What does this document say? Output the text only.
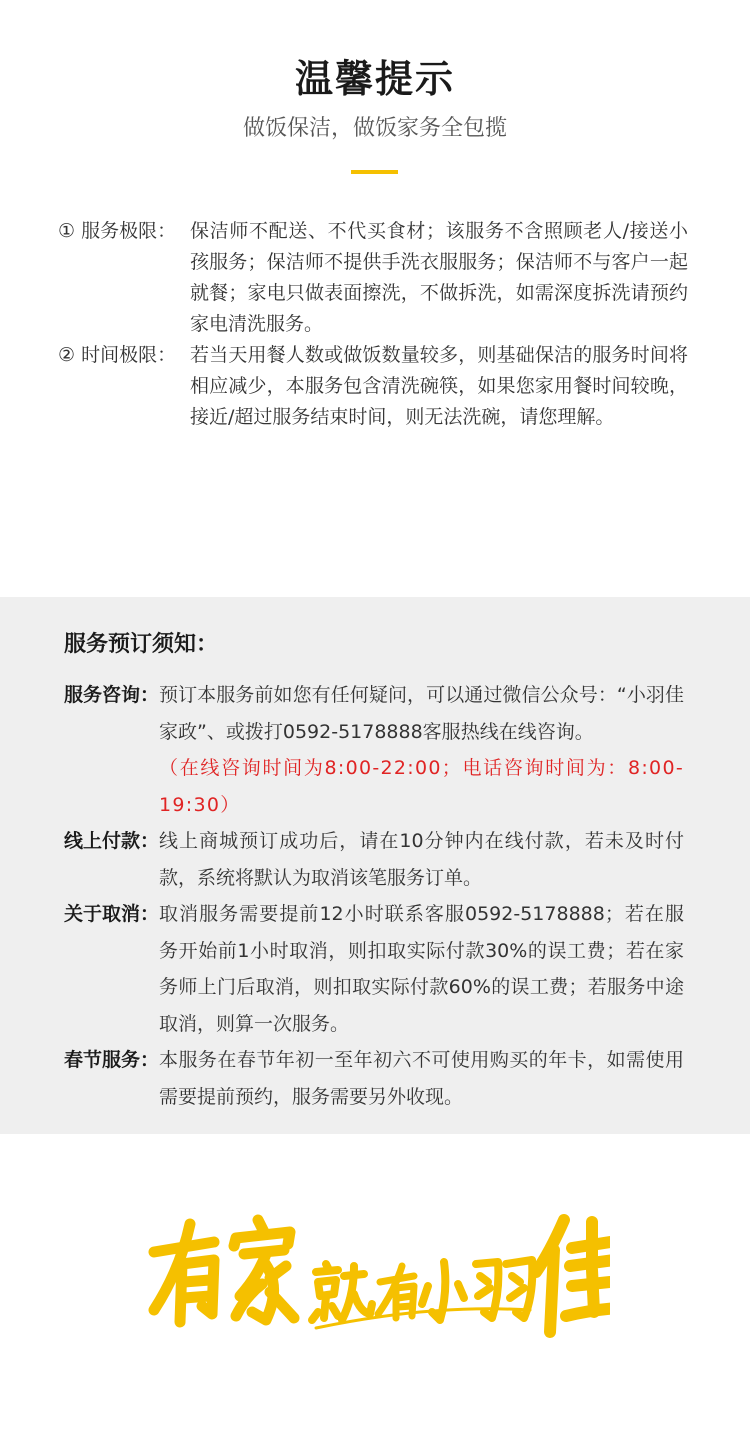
温馨提示
做饭保洁，做饭家务全包揽
① 服务极限： 保洁师不配送、不代买食材；该服务不含照顾老人/接送小孩服务；保洁师不提供手洗衣服服务；保洁师不与客户一起就餐；家电只做表面擦洗，不做拆洗，如需深度拆洗请预约家电清洗服务。
② 时间极限： 若当天用餐人数或做饭数量较多，则基础保洁的服务时间将相应减少，本服务包含清洗碗筷，如果您家用餐时间较晚，接近/超过服务结束时间，则无法洗碗，请您理解。
服务预订须知：
服务咨询： 预订本服务前如您有任何疑问，可以通过微信公众号：“小羽佳家政”、或拨打0592-5178888客服热线在线咨询。
（在线咨询时间为8:00-22:00；电话咨询时间为：8:00-19:30）
线上付款： 线上商城预订成功后，请在10分钟内在线付款，若未及时付款，系统将默认为取消该笔服务订单。
关于取消： 取消服务需要提前12小时联系客服0592-5178888；若在服务开始前1小时取消，则扣取实际付款30%的误工费；若在家务师上门后取消，则扣取实际付款60%的误工费；若服务中途取消，则算一次服务。
春节服务： 本服务在春节年初一至年初六不可使用购买的年卡，如需使用需要提前预约，服务需要另外收现。
